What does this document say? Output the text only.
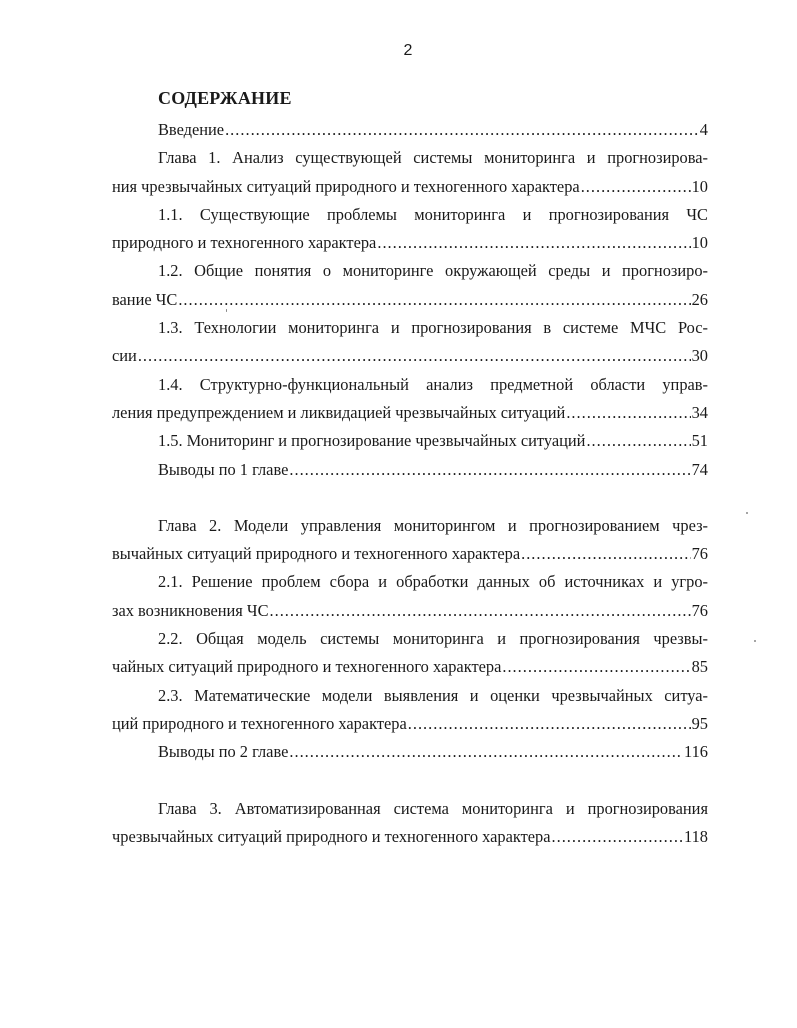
2
СОДЕРЖАНИЕ
Введение .....	4
Глава 1. Анализ существующей системы мониторинга и прогнозирова-
ния чрезвычайных ситуаций природного и техногенного характера .....	10
1.1. Существующие проблемы мониторинга и прогнозирования ЧС
природного и техногенного характера .....	10
1.2. Общие понятия о мониторинге окружающей среды и прогнозиро-
вание ЧС .....	26
1.3. Технологии мониторинга и прогнозирования в системе МЧС Рос-
сии .....	30
1.4. Структурно-функциональный анализ предметной области управ-
ления предупреждением и ликвидацией чрезвычайных ситуаций .....	34
1.5. Мониторинг и прогнозирование чрезвычайных ситуаций .....	51
Выводы по 1 главе .....	74
Глава 2. Модели управления мониторингом и прогнозированием чрез-
вычайных ситуаций природного и техногенного характера .....	76
2.1. Решение проблем сбора и обработки данных об источниках и угро-
зах возникновения ЧС .....	76
2.2. Общая модель системы мониторинга и прогнозирования чрезвы-
чайных ситуаций природного и техногенного характера .....	85
2.3. Математические модели выявления и оценки чрезвычайных ситуа-
ций природного и техногенного характера .....	95
Выводы по 2 главе .....	116
Глава 3. Автоматизированная система мониторинга и прогнозирования
чрезвычайных ситуаций природного и техногенного характера .....	118
